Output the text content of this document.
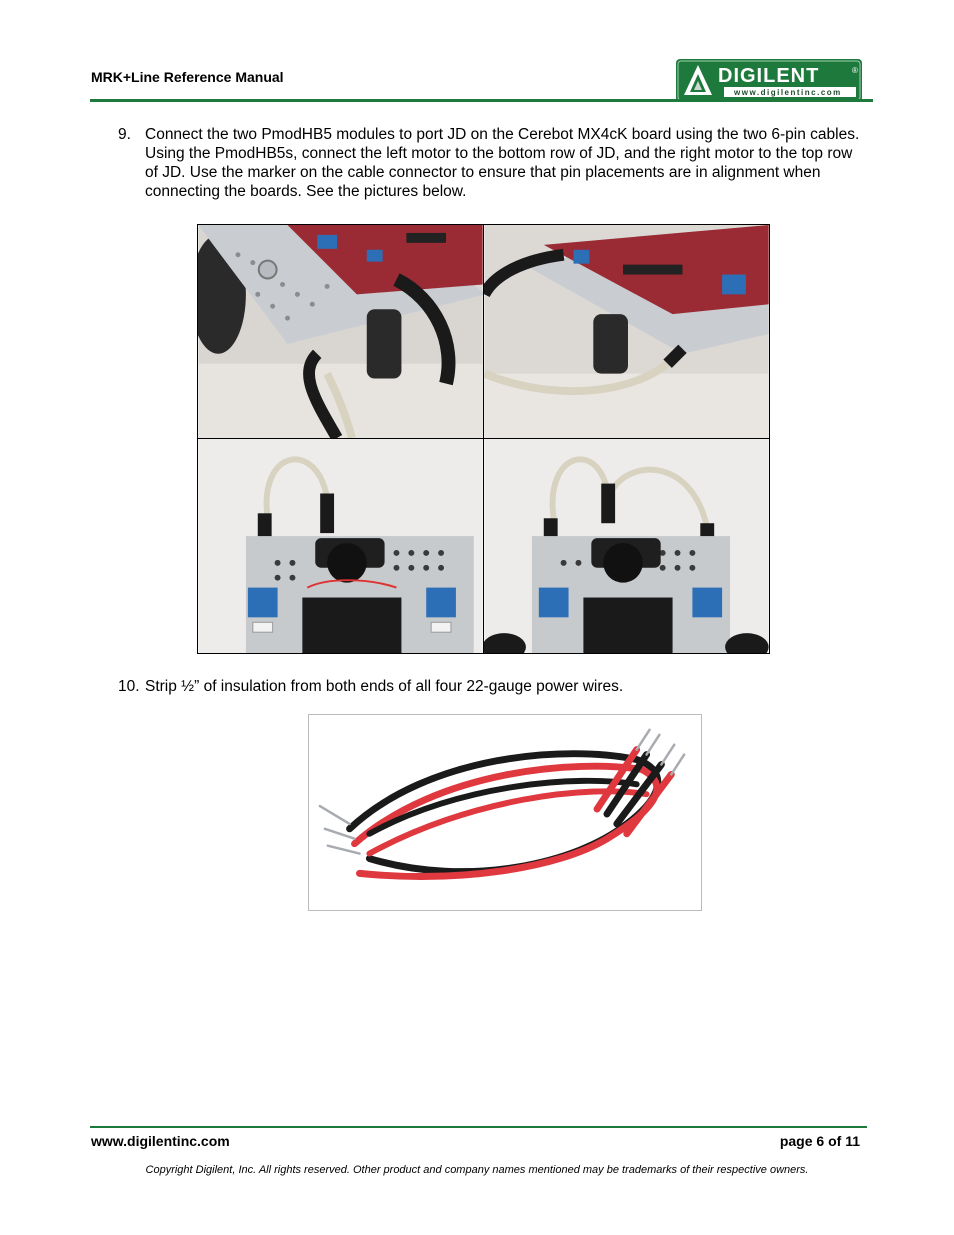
MRK+Line Reference Manual	DIGILENT	®
www.digilentinc.com
9. Connect the two PmodHB5 modules to port JD on the Cerebot MX4cK board using the two 6-pin cables. Using the PmodHB5s, connect the left motor to the bottom row of JD, and the right motor to the top row of JD. Use the marker on the cable connector to ensure that pin placements are in alignment when connecting the boards. See the pictures below.
10. Strip ½” of insulation from both ends of all four 22-gauge power wires.
www.digilentinc.com	page 6 of 11
Copyright Digilent, Inc. All rights reserved. Other product and company names mentioned may be trademarks of their respective owners.
